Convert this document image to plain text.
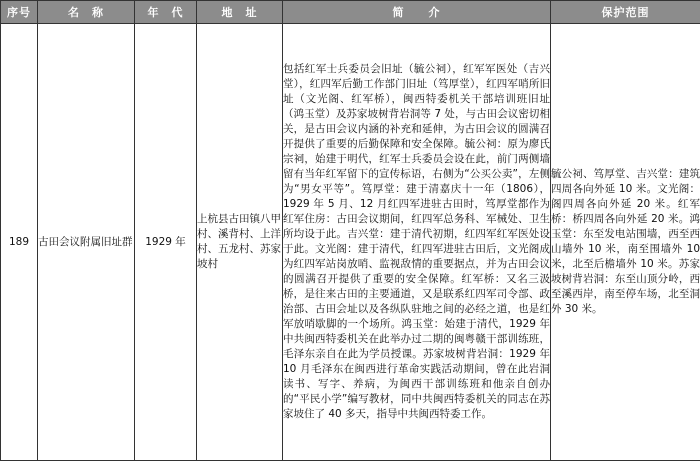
序号	名　称	年　代	地　址	简　　介	保护范围
189	古田会议附属旧址群	1929 年	上杭县古田镇八甲村、溪背村、上洋村、五龙村、苏家坡村	包括红军士兵委员会旧址（毓公祠），红军军医处（吉兴堂），红四军后勤工作部门旧址（笃厚堂），红四军哨所旧址（文光阁、红军桥），闽西特委机关干部培训班旧址（鸿玉堂）及苏家坡树背岩洞等 7 处，与古田会议密切相关，是古田会议内涵的补充和延伸，为古田会议的圆满召开提供了重要的后勤保障和安全保障。毓公祠：原为廖氏宗祠，始建于明代，红军士兵委员会设在此，前门两侧墙留有当年红军留下的宣传标语，右侧为“公买公卖”，左侧为“男女平等”。笃厚堂：建于清嘉庆十一年（1806），1929 年 5 月、12 月红四军进驻古田时，笃厚堂都作为红军住房：古田会议期间，红四军总务科、军械处、卫生所均设于此。吉兴堂：建于清代初期，红四军红军医处设于此。文光阁：建于清代，红四军进驻古田后，文光阁成为红四军站岗放哨、监视敌情的重要据点，并为古田会议的圆满召开提供了重要的安全保障。红军桥：又名三汲桥，是往来古田的主要通道，又是联系红四军司令部、政治部、古田会址以及各纵队驻地之间的必经之道，也是红军放哨歇脚的一个场所。鸿玉堂：始建于清代，1929 年中共闽西特委机关在此举办过二期的闽粤赣干部训练班，毛泽东亲自在此为学员授课。苏家坡树背岩洞：1929 年 10 月毛泽东在闽西进行革命实践活动期间，曾在此岩洞读书、写字、养病，为闽西干部训练班和他亲自创办的“平民小学”编写教材，同中共闽西特委机关的同志在苏家坡住了 40 多天，指导中共闽西特委工作。	毓公祠、笃厚堂、吉兴堂：建筑四周各向外延 10 米。文光阁：阁四周各向外延 20 米。红军桥：桥四周各向外延 20 米。鸿玉堂：东至发电站围墙，西至西山墙外 10 米，南至围墙外 10 米，北至后檐墙外 10 米。苏家坡树背岩洞：东至山顶分岭，西至溪西岸，南至停车场，北至洞外 30 米。
